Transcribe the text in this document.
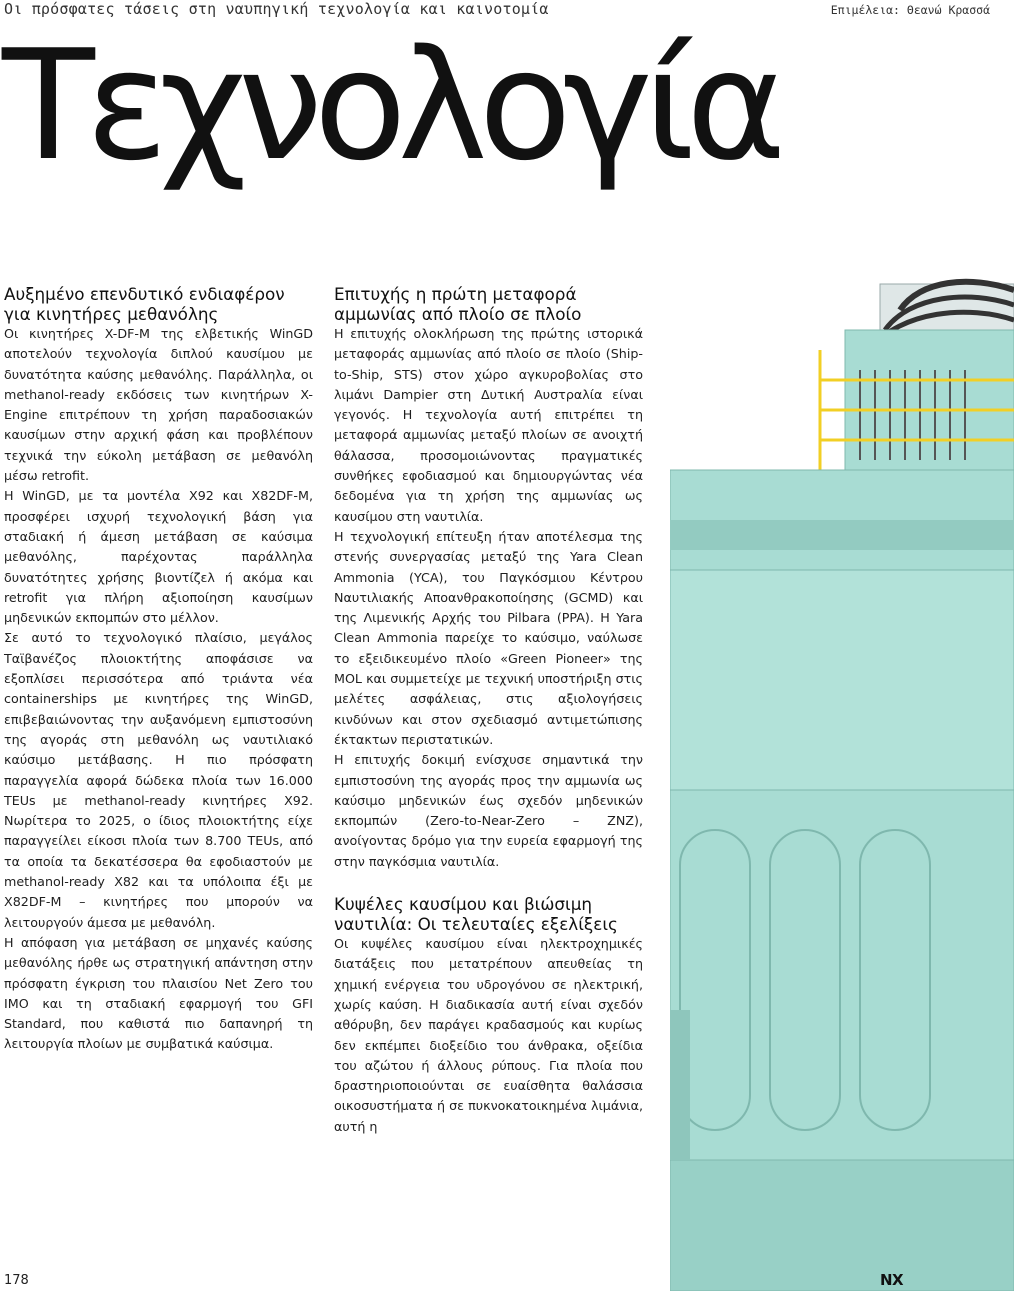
Οι πρόσφατες τάσεις στη ναυπηγική τεχνολογία και καινοτομία	Επιμέλεια: Θεανώ Κρασσά
Τεχνολογία
Αυξημένο επενδυτικό ενδιαφέρον για κινητήρες μεθανόλης

Οι κινητήρες X-DF-M της ελβετικής WinGD αποτελούν τεχνολογία διπλού καυσίμου με δυνατότητα καύσης μεθανόλης. Παράλληλα, οι methanol-ready εκδόσεις των κινητήρων X-Engine επιτρέπουν τη χρήση παραδοσιακών καυσίμων στην αρχική φάση και προβλέπουν τεχνικά την εύκολη μετάβαση σε μεθανόλη μέσω retrofit.

Η WinGD, με τα μοντέλα X92 και X82DF-M, προσφέρει ισχυρή τεχνολογική βάση για σταδιακή ή άμεση μετάβαση σε καύσιμα μεθανόλης, παρέχοντας παράλληλα δυνατότητες χρήσης βιοντίζελ ή ακόμα και retrofit για πλήρη αξιοποίηση καυσίμων μηδενικών εκπομπών στο μέλλον.

Σε αυτό το τεχνολογικό πλαίσιο, μεγάλος Ταϊβανέζος πλοιοκτήτης αποφάσισε να εξοπλίσει περισσότερα από τριάντα νέα containerships με κινητήρες της WinGD, επιβεβαιώνοντας την αυξανόμενη εμπιστοσύνη της αγοράς στη μεθανόλη ως ναυτιλιακό καύσιμο μετάβασης. Η πιο πρόσφατη παραγγελία αφορά δώδεκα πλοία των 16.000 TEUs με methanol-ready κινητήρες X92. Νωρίτερα το 2025, ο ίδιος πλοιοκτήτης είχε παραγγείλει είκοσι πλοία των 8.700 TEUs, από τα οποία τα δεκατέσσερα θα εφοδιαστούν με methanol-ready X82 και τα υπόλοιπα έξι με X82DF-M – κινητήρες που μπορούν να λειτουργούν άμεσα με μεθανόλη.

Η απόφαση για μετάβαση σε μηχανές καύσης μεθανόλης ήρθε ως στρατηγική απάντηση στην πρόσφατη έγκριση του πλαισίου Net Zero του IMO και τη σταδιακή εφαρμογή του GFI Standard, που καθιστά πιο δαπανηρή τη λειτουργία πλοίων με συμβατικά καύσιμα.

Επιτυχής η πρώτη μεταφορά αμμωνίας από πλοίο σε πλοίο

Η επιτυχής ολοκλήρωση της πρώτης ιστορικά μεταφοράς αμμωνίας από πλοίο σε πλοίο (Ship-to-Ship, STS) στον χώρο αγκυροβολίας στο λιμάνι Dampier στη Δυτική Αυστραλία είναι γεγονός. Η τεχνολογία αυτή επιτρέπει τη μεταφορά αμμωνίας μεταξύ πλοίων σε ανοιχτή θάλασσα, προσομοιώνοντας πραγματικές συνθήκες εφοδιασμού και δημιουργώντας νέα δεδομένα για τη χρήση της αμμωνίας ως καυσίμου στη ναυτιλία.

Η τεχνολογική επίτευξη ήταν αποτέλεσμα της στενής συνεργασίας μεταξύ της Yara Clean Ammonia (YCA), του Παγκόσμιου Κέντρου Ναυτιλιακής Απoανθρακοποίησης (GCMD) και της Λιμενικής Αρχής του Pilbara (PPA). Η Yara Clean Ammonia παρείχε το καύσιμο, ναύλωσε το εξειδικευμένο πλοίο «Green Pioneer» της MOL και συμμετείχε με τεχνική υποστήριξη στις μελέτες ασφάλειας, στις αξιολογήσεις κινδύνων και στον σχεδιασμό αντιμετώπισης έκτακτων περιστατικών.

Η επιτυχής δοκιμή ενίσχυσε σημαντικά την εμπιστοσύνη της αγοράς προς την αμμωνία ως καύσιμο μηδενικών έως σχεδόν μηδενικών εκπομπών (Zero-to-Near-Zero – ZNZ), ανοίγοντας δρόμο για την ευρεία εφαρμογή της στην παγκόσμια ναυτιλία.

Κυψέλες καυσίμου και βιώσιμη ναυτιλία: Οι τελευταίες εξελίξεις

Οι κυψέλες καυσίμου είναι ηλεκτροχημικές διατάξεις που μετατρέπουν απευθείας τη χημική ενέργεια του υδρογόνου σε ηλεκτρική, χωρίς καύση. Η διαδικασία αυτή είναι σχεδόν αθόρυβη, δεν παράγει κραδασμούς και κυρίως δεν εκπέμπει διοξείδιο του άνθρακα, οξείδια του αζώτου ή άλλους ρύπους. Για πλοία που δραστηριοποιούνται σε ευαίσθητα θαλάσσια οικοσυστήματα ή σε πυκνοκατοικημένα λιμάνια, αυτή η

178	NX
